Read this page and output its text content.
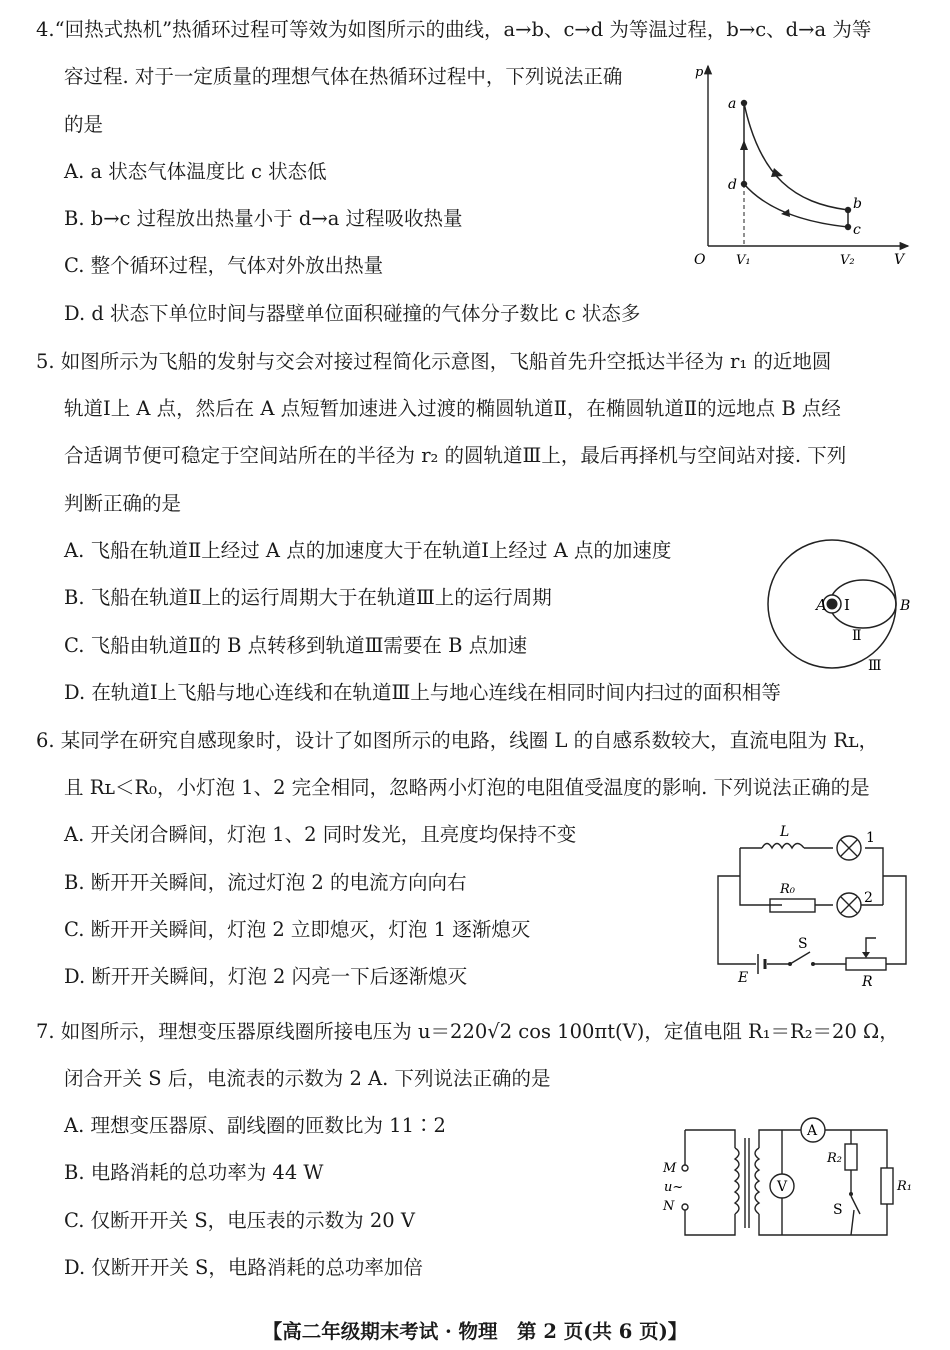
4.“回热式热机”热循环过程可等效为如图所示的曲线，a→b、c→d 为等温过程，b→c、d→a 为等
容过程. 对于一定质量的理想气体在热循环过程中，下列说法正确
的是
A. a 状态气体温度比 c 状态低
B. b→c 过程放出热量小于 d→a 过程吸收热量
C. 整个循环过程，气体对外放出热量
D. d 状态下单位时间与器壁单位面积碰撞的气体分子数比 c 状态多
p
a
d
b
c
O V₁	V₂	V
5. 如图所示为飞船的发射与交会对接过程简化示意图，飞船首先升空抵达半径为 r₁ 的近地圆
轨道Ⅰ上 A 点，然后在 A 点短暂加速进入过渡的椭圆轨道Ⅱ，在椭圆轨道Ⅱ的远地点 B 点经
合适调节便可稳定于空间站所在的半径为 r₂ 的圆轨道Ⅲ上，最后再择机与空间站对接. 下列
判断正确的是
A. 飞船在轨道Ⅱ上经过 A 点的加速度大于在轨道Ⅰ上经过 A 点的加速度
B. 飞船在轨道Ⅱ上的运行周期大于在轨道Ⅲ上的运行周期
C. 飞船由轨道Ⅱ的 B 点转移到轨道Ⅲ需要在 B 点加速
D. 在轨道Ⅰ上飞船与地心连线和在轨道Ⅲ上与地心连线在相同时间内扫过的面积相等
A	B
Ⅰ
Ⅱ
Ⅲ
6. 某同学在研究自感现象时，设计了如图所示的电路，线圈 L 的自感系数较大，直流电阻为 Rʟ，
且 Rʟ＜R₀，小灯泡 1、2 完全相同，忽略两小灯泡的电阻值受温度的影响. 下列说法正确的是
A. 开关闭合瞬间，灯泡 1、2 同时发光，且亮度均保持不变
B. 断开开关瞬间，流过灯泡 2 的电流方向向右
C. 断开开关瞬间，灯泡 2 立即熄灭，灯泡 1 逐渐熄灭
D. 断开开关瞬间，灯泡 2 闪亮一下后逐渐熄灭
L	1
R₀
2
S
E	R
7. 如图所示，理想变压器原线圈所接电压为 u＝220√2 cos 100πt(V)，定值电阻 R₁＝R₂＝20 Ω，
闭合开关 S 后，电流表的示数为 2 A. 下列说法正确的是
A. 理想变压器原、副线圈的匝数比为 11∶2
B. 电路消耗的总功率为 44 W
C. 仅断开开关 S，电压表的示数为 20 V
D. 仅断开开关 S，电路消耗的总功率加倍
M
u~
N
A
V
R₂
R₁
S
【高二年级期末考试 · 物理　第 2 页(共 6 页)】
